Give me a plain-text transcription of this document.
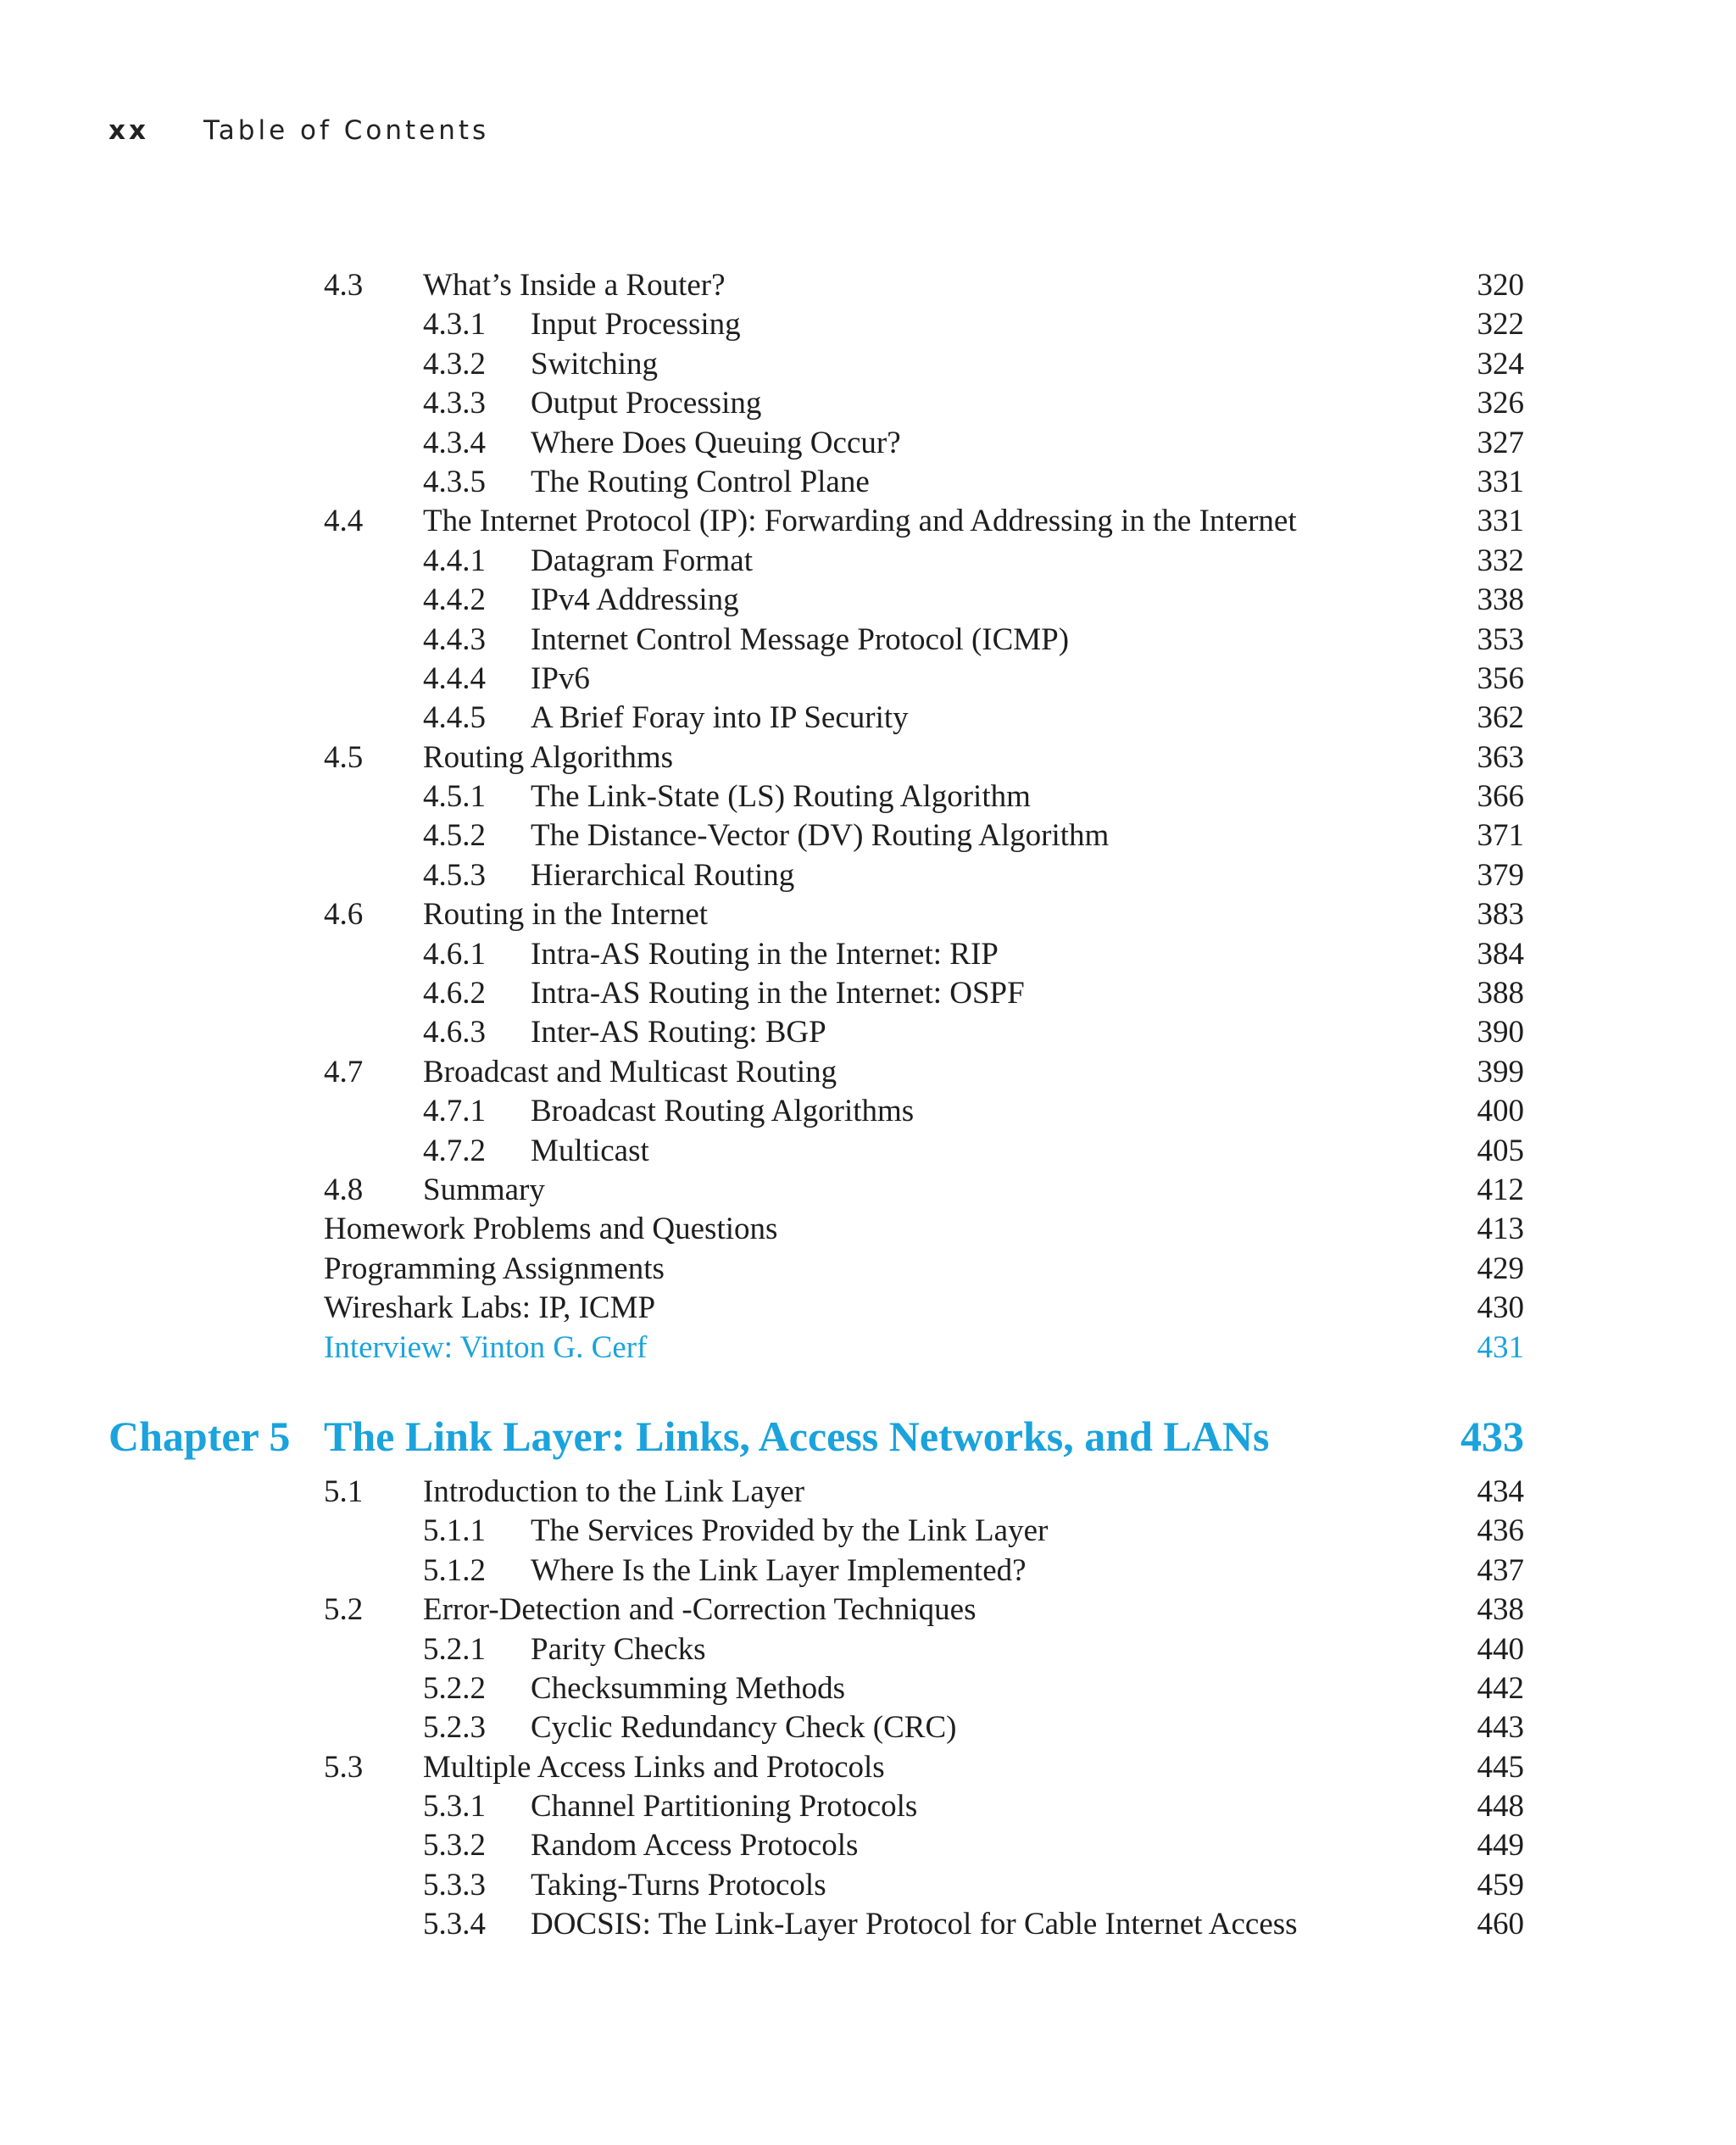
xx Table of Contents
4.3 What’s Inside a Router?	320
4.3.1 Input Processing	322
4.3.2 Switching	324
4.3.3 Output Processing	326
4.3.4 Where Does Queuing Occur?	327
4.3.5 The Routing Control Plane	331
4.4 The Internet Protocol (IP): Forwarding and Addressing in the Internet	331
4.4.1 Datagram Format	332
4.4.2 IPv4 Addressing	338
4.4.3 Internet Control Message Protocol (ICMP)	353
4.4.4 IPv6	356
4.4.5 A Brief Foray into IP Security	362
4.5 Routing Algorithms	363
4.5.1 The Link-State (LS) Routing Algorithm	366
4.5.2 The Distance-Vector (DV) Routing Algorithm	371
4.5.3 Hierarchical Routing	379
4.6 Routing in the Internet	383
4.6.1 Intra-AS Routing in the Internet: RIP	384
4.6.2 Intra-AS Routing in the Internet: OSPF	388
4.6.3 Inter-AS Routing: BGP	390
4.7 Broadcast and Multicast Routing	399
4.7.1 Broadcast Routing Algorithms	400
4.7.2 Multicast	405
4.8 Summary	412
Homework Problems and Questions	413
Programming Assignments	429
Wireshark Labs: IP, ICMP	430
Interview: Vinton G. Cerf	431
Chapter 5 The Link Layer: Links, Access Networks, and LANs	433
5.1 Introduction to the Link Layer	434
5.1.1 The Services Provided by the Link Layer	436
5.1.2 Where Is the Link Layer Implemented?	437
5.2 Error-Detection and -Correction Techniques	438
5.2.1 Parity Checks	440
5.2.2 Checksumming Methods	442
5.2.3 Cyclic Redundancy Check (CRC)	443
5.3 Multiple Access Links and Protocols	445
5.3.1 Channel Partitioning Protocols	448
5.3.2 Random Access Protocols	449
5.3.3 Taking-Turns Protocols	459
5.3.4 DOCSIS: The Link-Layer Protocol for Cable Internet Access	460
